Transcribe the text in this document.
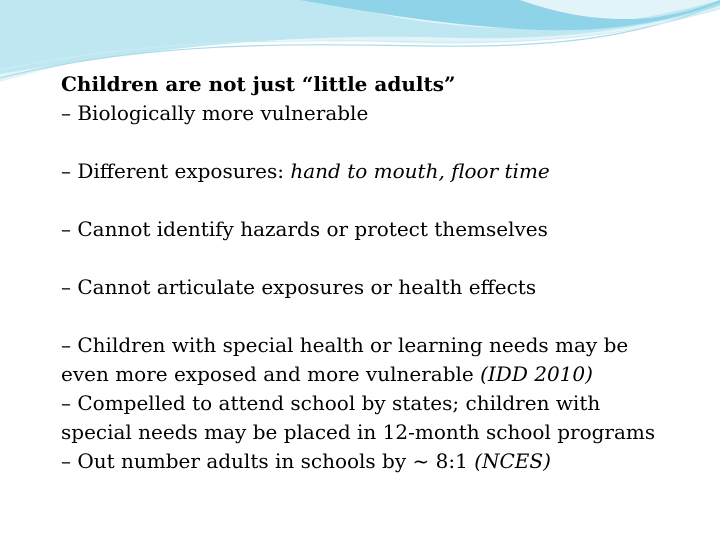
Children are not just “little adults”

– Biologically more vulnerable

– Different exposures: hand to mouth, floor time

– Cannot identify hazards or protect themselves

– Cannot articulate exposures or health effects

– Children with special health or learning needs may be even more exposed and more vulnerable (IDD 2010)

– Compelled to attend school by states; children with special needs may be placed in 12-month school programs

– Out number adults in schools by ~ 8:1 (NCES)
